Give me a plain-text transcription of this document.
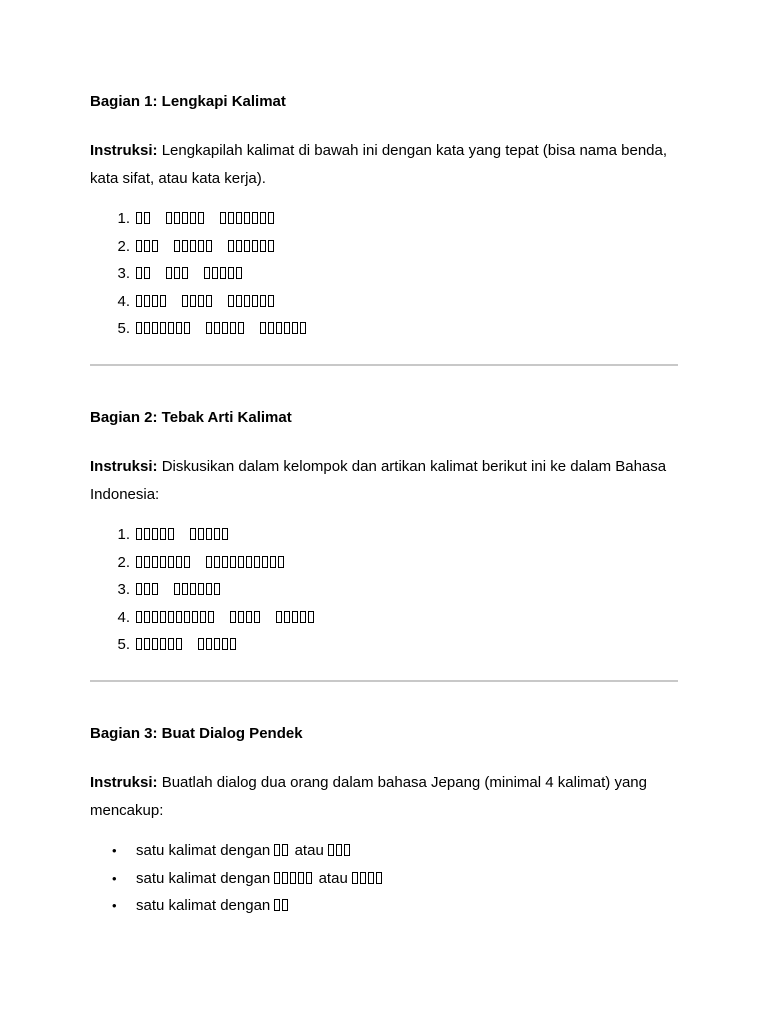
Bagian 1: Lengkapi Kalimat

Instruksi: Lengkapilah kalimat di bawah ini dengan kata yang tepat (bisa nama benda, kata sifat, atau kata kerja).

1.
2.
3.
4.
5.
Bagian 2: Tebak Arti Kalimat

Instruksi: Diskusikan dalam kelompok dan artikan kalimat berikut ini ke dalam Bahasa Indonesia:

1.
2.
3.
4.
5.
Bagian 3: Buat Dialog Pendek

Instruksi: Buatlah dialog dua orang dalam bahasa Jepang (minimal 4 kalimat) yang mencakup:

• satu kalimat dengan  atau
• satu kalimat dengan	atau
• satu kalimat dengan
